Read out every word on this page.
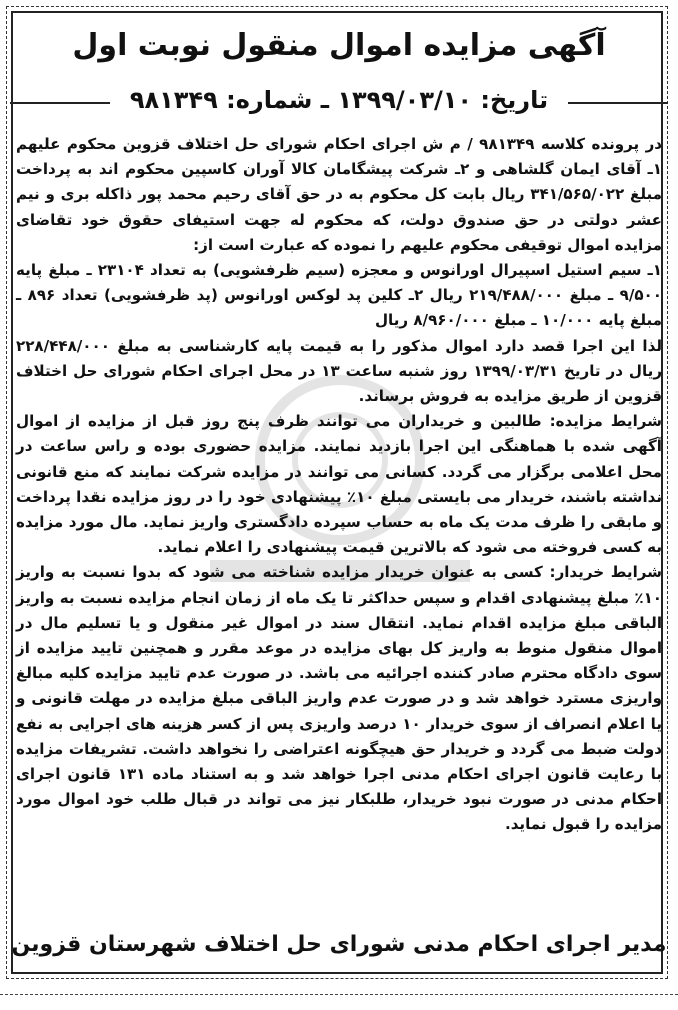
آگهی مزایده اموال منقول نوبت اول
تاریخ: ۱۳۹۹/۰۳/۱۰ ـ شماره: ۹۸۱۳۴۹

در پرونده کلاسه ۹۸۱۳۴۹ / م ش اجرای احکام شورای حل اختلاف قزوین محکوم علیهم ۱ـ آقای ایمان گلشاهی و ۲ـ شرکت پیشگامان کالا آوران کاسپین محکوم اند به پرداخت مبلغ ۳۴۱/۵۶۵/۰۲۲ ریال بابت کل محکوم به در حق آقای رحیم محمد پور ذاکله بری و نیم عشر دولتی در حق صندوق دولت، که محکوم له جهت استیفای حقوق خود تقاضای مزایده اموال توقیفی محکوم علیهم را نموده که عبارت است از:

۱ـ سیم استیل اسپیرال اورانوس و معجزه (سیم ظرفشویی) به تعداد ۲۳۱۰۴ ـ مبلغ پایه ۹/۵۰۰ ـ مبلغ ۲۱۹/۴۸۸/۰۰۰ ریال ۲ـ کلین پد لوکس اورانوس (پد ظرفشویی) تعداد ۸۹۶ ـ مبلغ پایه ۱۰/۰۰۰ ـ مبلغ ۸/۹۶۰/۰۰۰ ریال

لذا این اجرا قصد دارد اموال مذکور را به قیمت پایه کارشناسی به مبلغ ۲۲۸/۴۴۸/۰۰۰ ریال در تاریخ ۱۳۹۹/۰۳/۳۱ روز شنبه ساعت ۱۳ در محل اجرای احکام شورای حل اختلاف قزوین از طریق مزایده به فروش برساند.

شرایط مزایده: طالبین و خریداران می توانند ظرف پنج روز قبل از مزایده از اموال آگهی شده با هماهنگی این اجرا بازدید نمایند. مزایده حضوری بوده و راس ساعت در محل اعلامی برگزار می گردد. کسانی می توانند در مزایده شرکت نمایند که منع قانونی نداشته باشند، خریدار می بایستی مبلغ ۱۰٪ پیشنهادی خود را در روز مزایده نقدا پرداخت و مابقی را ظرف مدت یک ماه به حساب سپرده دادگستری واریز نماید. مال مورد مزایده به کسی فروخته می شود که بالاترین قیمت پیشنهادی را اعلام نماید.

شرایط خریدار: کسی به عنوان خریدار مزایده شناخته می شود که بدوا نسبت به واریز ۱۰٪ مبلغ پیشنهادی اقدام و سپس حداکثر تا یک ماه از زمان انجام مزایده نسبت به واریز الباقی مبلغ مزایده اقدام نماید. انتقال سند در اموال غیر منقول و یا تسلیم مال در اموال منقول منوط به واریز کل بهای مزایده در موعد مقرر و همچنین تایید مزایده از سوی دادگاه محترم صادر کننده اجرائیه می باشد. در صورت عدم تایید مزایده کلیه مبالغ واریزی مسترد خواهد شد و در صورت عدم واریز الباقی مبلغ مزایده در مهلت قانونی و یا اعلام انصراف از سوی خریدار ۱۰ درصد واریزی پس از کسر هزینه های اجرایی به نفع دولت ضبط می گردد و خریدار حق هیچگونه اعتراضی را نخواهد داشت. تشریفات مزایده با رعایت قانون اجرای احکام مدنی اجرا خواهد شد و به استناد ماده ۱۳۱ قانون اجرای احکام مدنی در صورت نبود خریدار، طلبکار نیز می تواند در قبال طلب خود اموال مورد مزایده را قبول نماید.

مدیر اجرای احکام مدنی شورای حل اختلاف شهرستان قزوین
